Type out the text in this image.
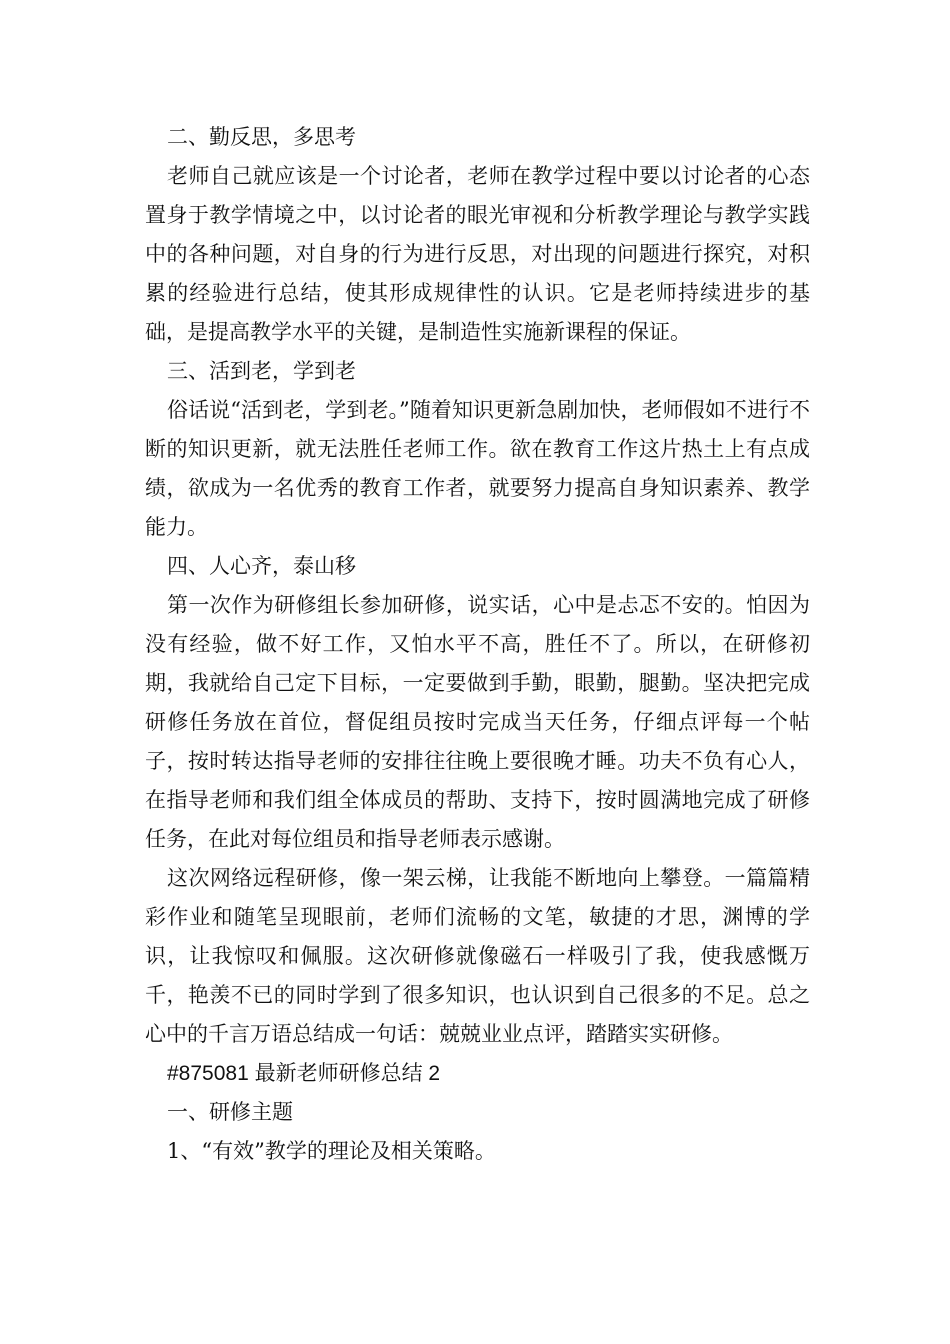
二、勤反思，多思考

老师自己就应该是一个讨论者，老师在教学过程中要以讨论者的心态置身于教学情境之中，以讨论者的眼光审视和分析教学理论与教学实践中的各种问题，对自身的行为进行反思，对出现的问题进行探究，对积累的经验进行总结，使其形成规律性的认识。它是老师持续进步的基础，是提高教学水平的关键，是制造性实施新课程的保证。

三、活到老，学到老

俗话说“活到老，学到老。”随着知识更新急剧加快，老师假如不进行不断的知识更新，就无法胜任老师工作。欲在教育工作这片热土上有点成绩，欲成为一名优秀的教育工作者，就要努力提高自身知识素养、教学能力。

四、人心齐，泰山移

第一次作为研修组长参加研修，说实话，心中是忐忑不安的。怕因为没有经验，做不好工作，又怕水平不高，胜任不了。所以，在研修初期，我就给自己定下目标，一定要做到手勤，眼勤，腿勤。坚决把完成研修任务放在首位，督促组员按时完成当天任务，仔细点评每一个帖子，按时转达指导老师的安排往往晚上要很晚才睡。功夫不负有心人，在指导老师和我们组全体成员的帮助、支持下，按时圆满地完成了研修任务，在此对每位组员和指导老师表示感谢。

这次网络远程研修，像一架云梯，让我能不断地向上攀登。一篇篇精彩作业和随笔呈现眼前，老师们流畅的文笔，敏捷的才思，渊博的学识，让我惊叹和佩服。这次研修就像磁石一样吸引了我，使我感慨万千，艳羡不已的同时学到了很多知识，也认识到自己很多的不足。总之心中的千言万语总结成一句话：兢兢业业点评，踏踏实实研修。

#875081 最新老师研修总结 2

一、研修主题

1、“有效”教学的理论及相关策略。
